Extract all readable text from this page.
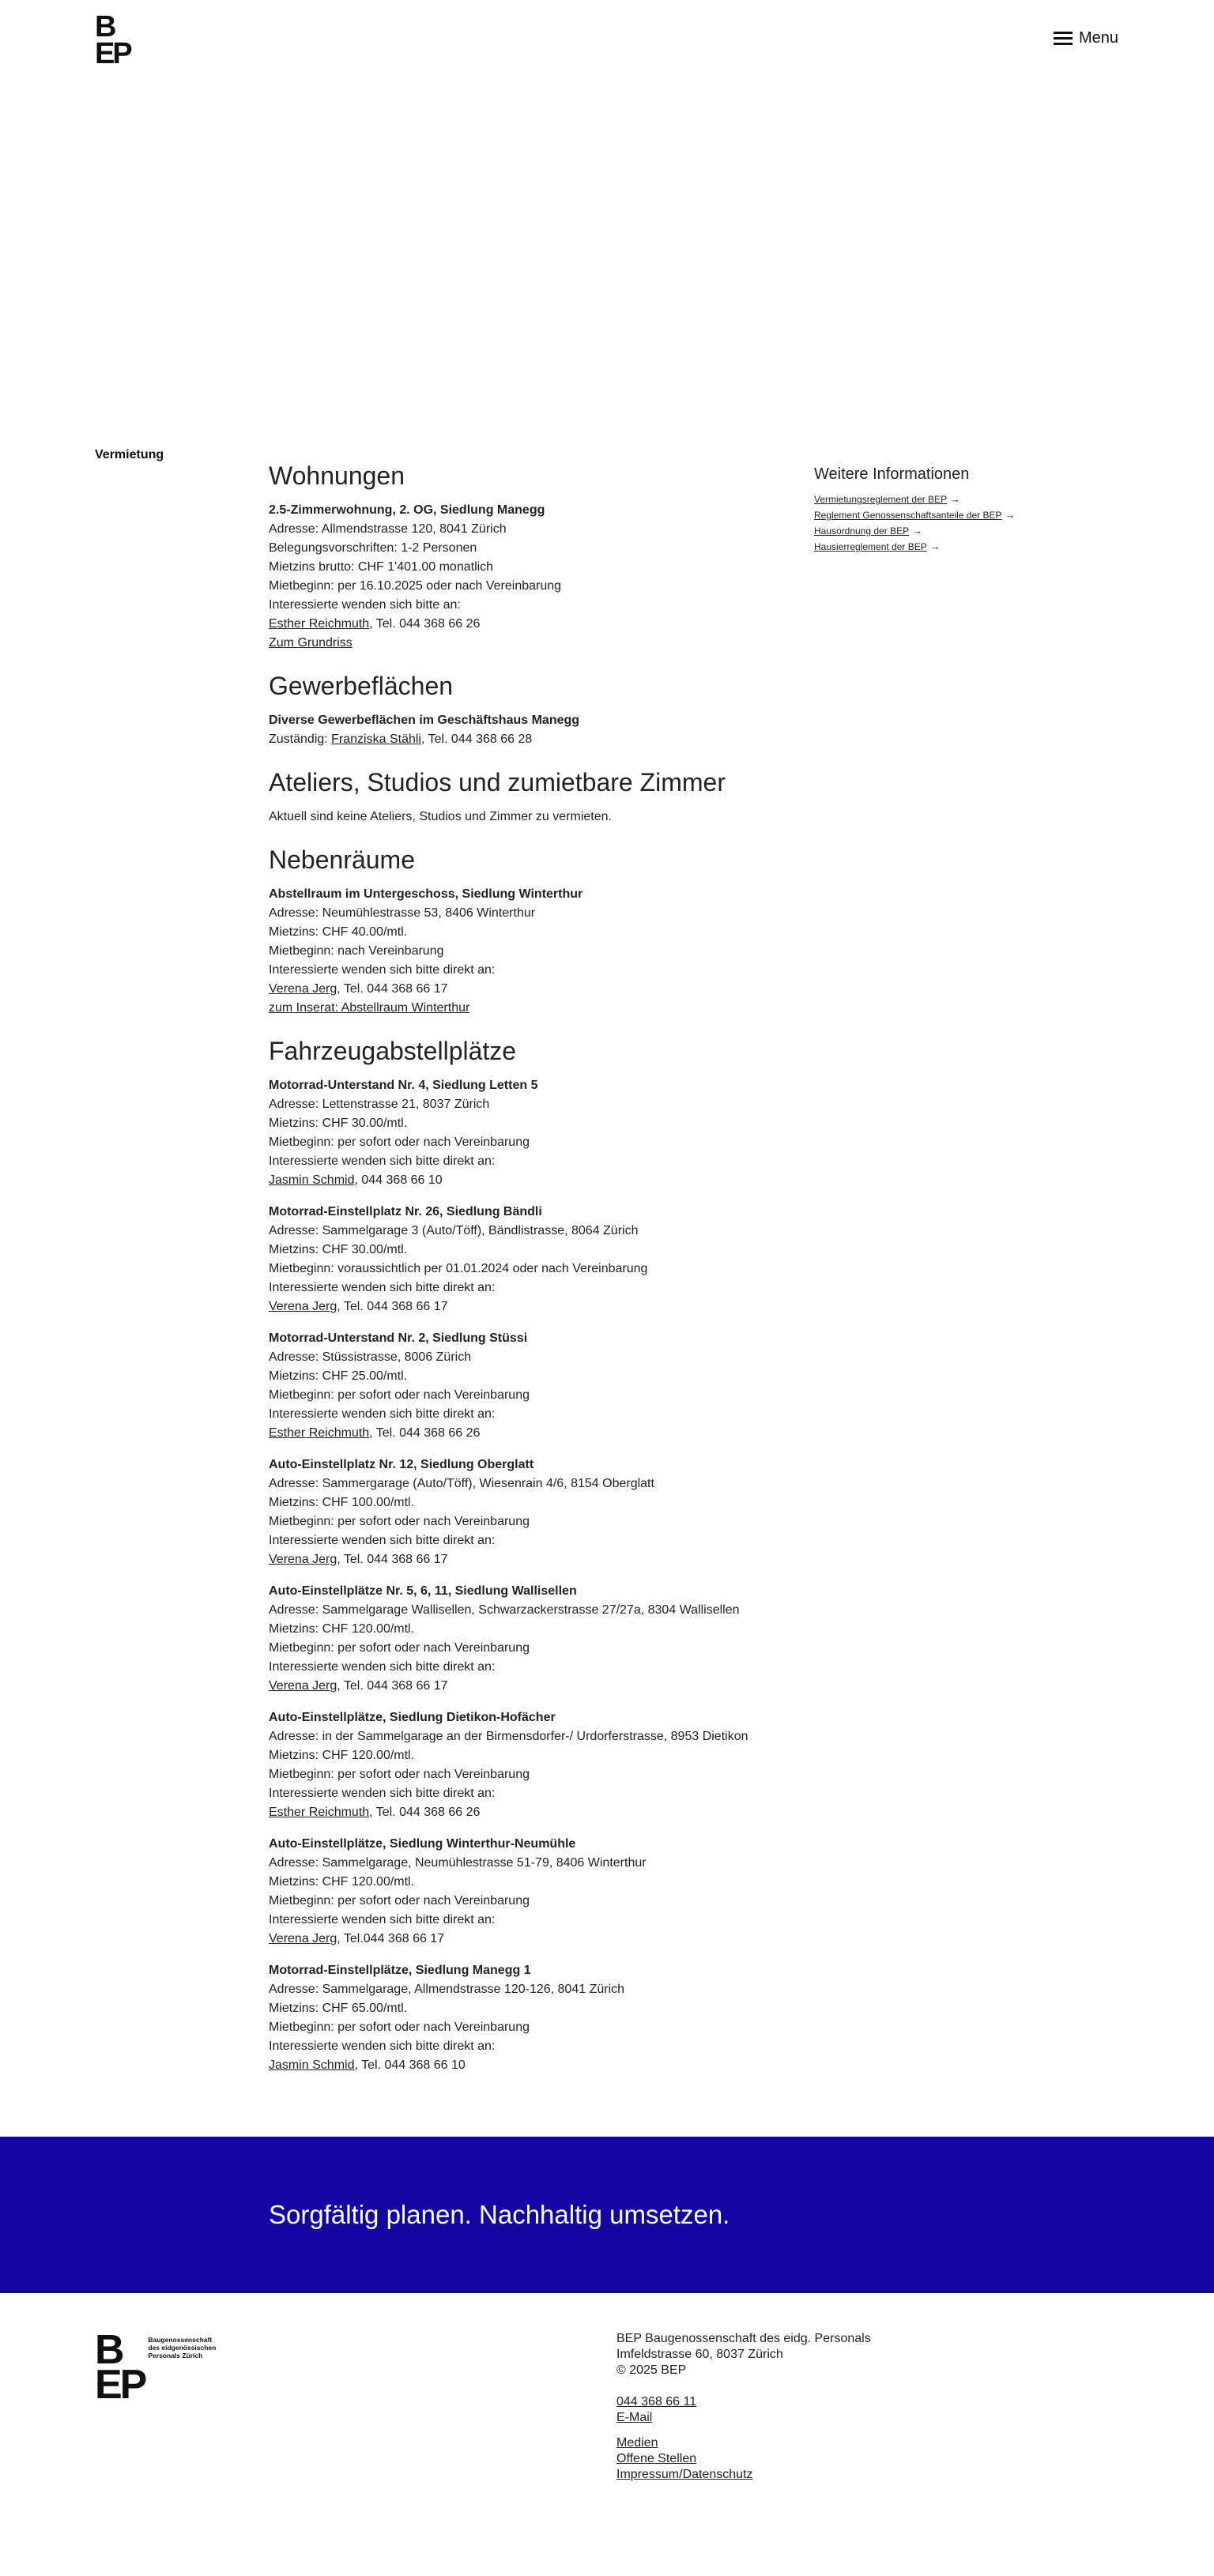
B
EP	Menu
Vermietung
Weitere Informationen
Vermietungsreglement der BEP →
Reglement Genossenschaftsanteile der BEP →
Hausordnung der BEP →
Hausierreglement der BEP →
Wohnungen

2.5-Zimmerwohnung, 2. OG, Siedlung Manegg

Adresse: Allmendstrasse 120, 8041 Zürich

Belegungsvorschriften: 1-2 Personen

Mietzins brutto: CHF 1'401.00 monatlich

Mietbeginn: per 16.10.2025 oder nach Vereinbarung

Interessierte wenden sich bitte an:

Esther Reichmuth, Tel. 044 368 66 26

Zum Grundriss

Gewerbeflächen

Diverse Gewerbeflächen im Geschäftshaus Manegg

Zuständig: Franziska Stähli, Tel. 044 368 66 28

Ateliers, Studios und zumietbare Zimmer

Aktuell sind keine Ateliers, Studios und Zimmer zu vermieten.

Nebenräume

Abstellraum im Untergeschoss, Siedlung Winterthur

Adresse: Neumühlestrasse 53, 8406 Winterthur

Mietzins: CHF 40.00/mtl.

Mietbeginn: nach Vereinbarung

Interessierte wenden sich bitte direkt an:

Verena Jerg, Tel. 044 368 66 17

zum Inserat: Abstellraum Winterthur

Fahrzeugabstellplätze

Motorrad-Unterstand Nr. 4, Siedlung Letten 5

Adresse: Lettenstrasse 21, 8037 Zürich

Mietzins: CHF 30.00/mtl.

Mietbeginn: per sofort oder nach Vereinbarung

Interessierte wenden sich bitte direkt an:

Jasmin Schmid, 044 368 66 10

Motorrad-Einstellplatz Nr. 26, Siedlung Bändli

Adresse: Sammelgarage 3 (Auto/Töff), Bändlistrasse, 8064 Zürich

Mietzins: CHF 30.00/mtl.

Mietbeginn: voraussichtlich per 01.01.2024 oder nach Vereinbarung

Interessierte wenden sich bitte direkt an:

Verena Jerg, Tel. 044 368 66 17

Motorrad-Unterstand Nr. 2, Siedlung Stüssi

Adresse: Stüssistrasse, 8006 Zürich

Mietzins: CHF 25.00/mtl.

Mietbeginn: per sofort oder nach Vereinbarung

Interessierte wenden sich bitte direkt an:

Esther Reichmuth, Tel. 044 368 66 26

Auto-Einstellplatz Nr. 12, Siedlung Oberglatt

Adresse: Sammergarage (Auto/Töff), Wiesenrain 4/6, 8154 Oberglatt

Mietzins: CHF 100.00/mtl.

Mietbeginn: per sofort oder nach Vereinbarung

Interessierte wenden sich bitte direkt an:

Verena Jerg, Tel. 044 368 66 17

Auto-Einstellplätze Nr. 5, 6, 11, Siedlung Wallisellen

Adresse: Sammelgarage Wallisellen, Schwarzackerstrasse 27/27a, 8304 Wallisellen

Mietzins: CHF 120.00/mtl.

Mietbeginn: per sofort oder nach Vereinbarung

Interessierte wenden sich bitte direkt an:

Verena Jerg, Tel. 044 368 66 17

Auto-Einstellplätze, Siedlung Dietikon-Hofächer

Adresse: in der Sammelgarage an der Birmensdorfer-/ Urdorferstrasse, 8953 Dietikon

Mietzins: CHF 120.00/mtl.

Mietbeginn: per sofort oder nach Vereinbarung

Interessierte wenden sich bitte direkt an:

Esther Reichmuth, Tel. 044 368 66 26

Auto-Einstellplätze, Siedlung Winterthur-Neumühle

Adresse: Sammelgarage, Neumühlestrasse 51-79, 8406 Winterthur

Mietzins: CHF 120.00/mtl.

Mietbeginn: per sofort oder nach Vereinbarung

Interessierte wenden sich bitte direkt an:

Verena Jerg, Tel.044 368 66 17

Motorrad-Einstellplätze, Siedlung Manegg 1

Adresse: Sammelgarage, Allmendstrasse 120-126, 8041 Zürich

Mietzins: CHF 65.00/mtl.

Mietbeginn: per sofort oder nach Vereinbarung

Interessierte wenden sich bitte direkt an:

Jasmin Schmid, Tel. 044 368 66 10

Sorgfältig planen. Nachhaltig umsetzen.

B
EP
Baugenossenschaft
des eidgenössischen
Personals Zürich

BEP Baugenossenschaft des eidg. Personals

Imfeldstrasse 60, 8037 Zürich

© 2025 BEP

044 368 66 11

E-Mail

Medien

Offene Stellen

Impressum/Datenschutz
